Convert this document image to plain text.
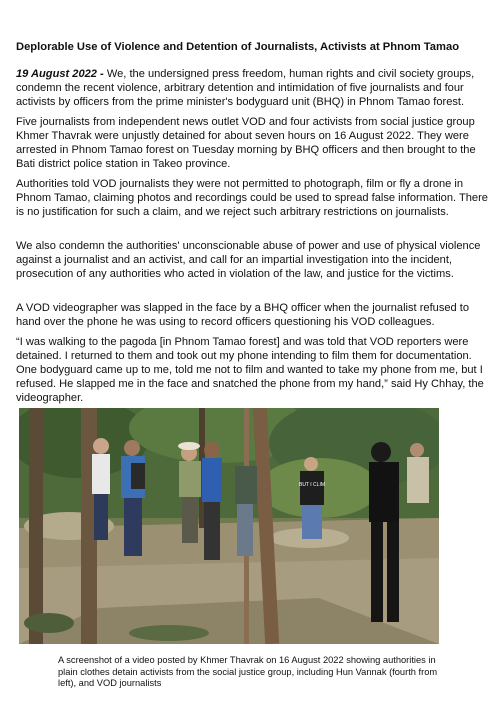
Deplorable Use of Violence and Detention of Journalists, Activists at Phnom Tamao

19 August 2022 - We, the undersigned press freedom, human rights and civil society groups, condemn the recent violence, arbitrary detention and intimidation of five journalists and four activists by officers from the prime minister's bodyguard unit (BHQ) in Phnom Tamao forest.

Five journalists from independent news outlet VOD and four activists from social justice group Khmer Thavrak were unjustly detained for about seven hours on 16 August 2022. They were arrested in Phnom Tamao forest on Tuesday morning by BHQ officers and then brought to the Bati district police station in Takeo province.

Authorities told VOD journalists they were not permitted to photograph, film or fly a drone in Phnom Tamao, claiming photos and recordings could be used to spread false information. There is no justification for such a claim, and we reject such arbitrary restrictions on journalists.

We also condemn the authorities' unconscionable abuse of power and use of physical violence against a journalist and an activist, and call for an impartial investigation into the incident, prosecution of any authorities who acted in violation of the law, and justice for the victims.

A VOD videographer was slapped in the face by a BHQ officer when the journalist refused to hand over the phone he was using to record officers questioning his VOD colleagues.

“I was walking to the pagoda [in Phnom Tamao forest] and was told that VOD reporters were detained. I returned to them and took out my phone intending to film them for documentation. One bodyguard came up to me, told me not to film and wanted to take my phone from me, but I refused. He slapped me in the face and snatched the phone from my hand,” said Hy Chhay, the videographer.

BUT I CLIM

A screenshot of a video posted by Khmer Thavrak on 16 August 2022 showing authorities in plain clothes detain activists from the social justice group, including Hun Vannak (fourth from left), and VOD journalists
